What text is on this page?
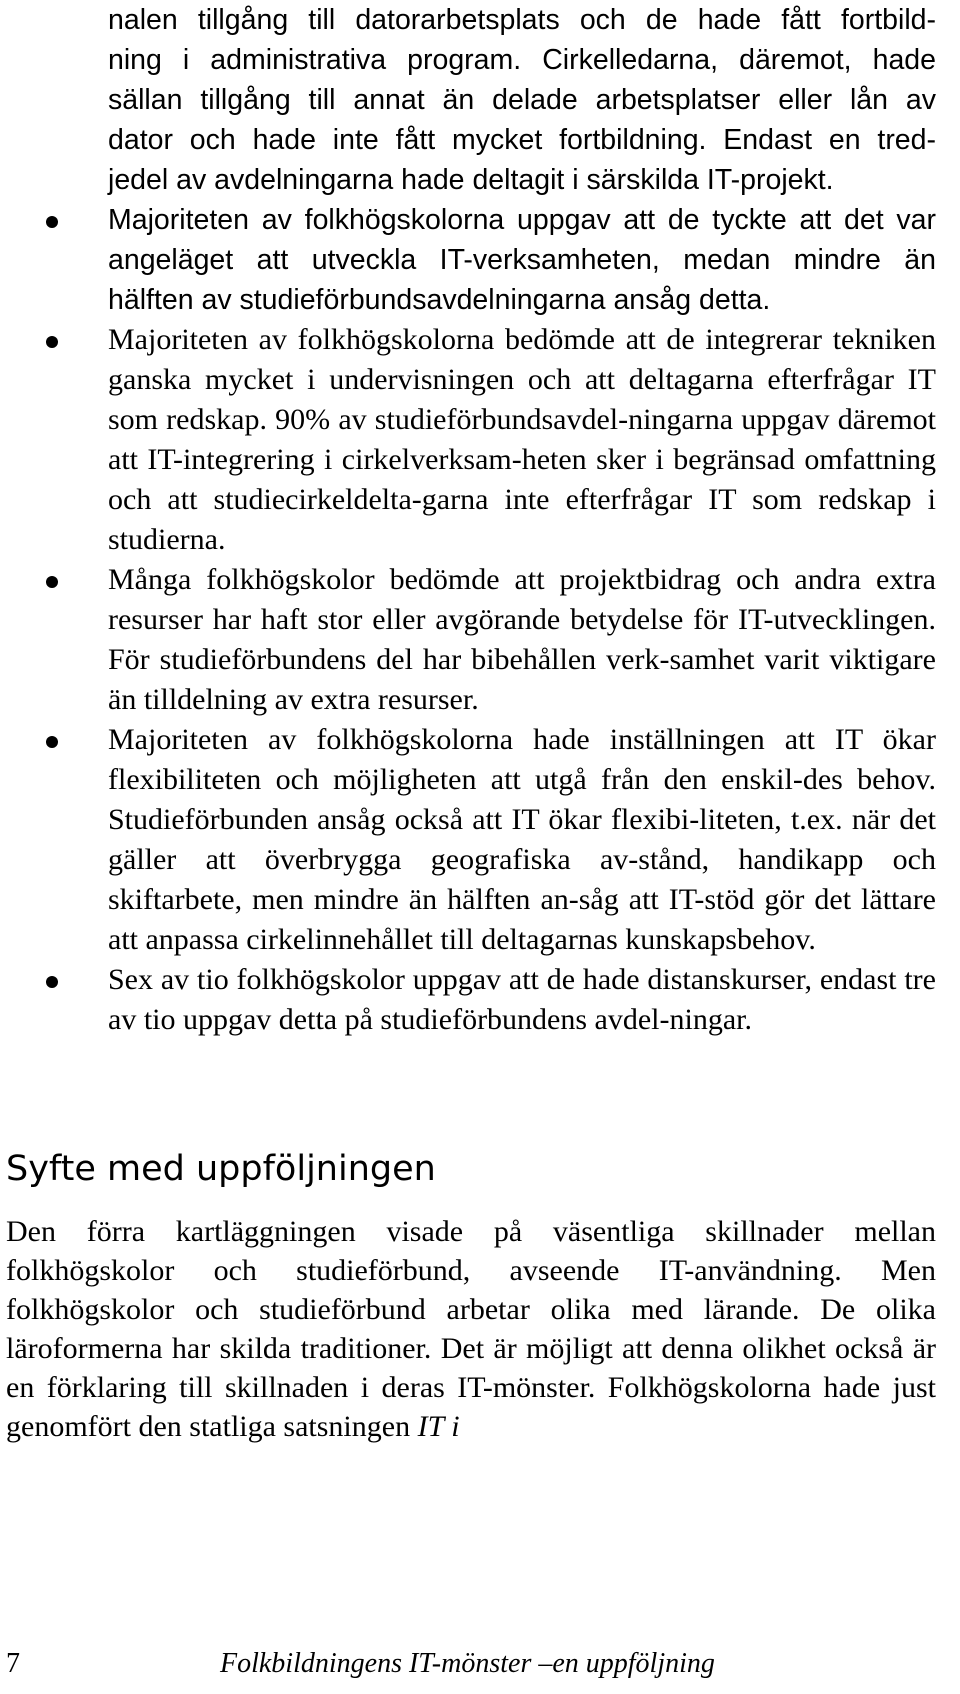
nalen tillgång till datorarbetsplats och de hade fått fortbild-
ning i administrativa program. Cirkelledarna, däremot, hade
sällan tillgång till annat än delade arbetsplatser eller lån av
dator och hade inte fått mycket fortbildning. Endast en tred-
jedel av avdelningarna hade deltagit i särskilda IT-projekt.
Majoriteten av folkhögskolorna uppgav att de tyckte att det var angeläget att utveckla IT-verksamheten, medan mindre än hälften av studieförbundsavdelningarna ansåg detta.
Majoriteten av folkhögskolorna bedömde att de integrerar tekniken ganska mycket i undervisningen och att deltagarna efterfrågar IT som redskap. 90% av studieförbundsavdel-ningarna uppgav däremot att IT-integrering i cirkelverksam-heten sker i begränsad omfattning och att studiecirkeldelta-garna inte efterfrågar IT som redskap i studierna.
Många folkhögskolor bedömde att projektbidrag och andra extra resurser har haft stor eller avgörande betydelse för IT-utvecklingen. För studieförbundens del har bibehållen verk-samhet varit viktigare än tilldelning av extra resurser.
Majoriteten av folkhögskolorna hade inställningen att IT ökar flexibiliteten och möjligheten att utgå från den enskil-des behov. Studieförbunden ansåg också att IT ökar flexibi-liteten, t.ex. när det gäller att överbrygga geografiska av-stånd, handikapp och skiftarbete, men mindre än hälften an-såg att IT-stöd gör det lättare att anpassa cirkelinnehållet till deltagarnas kunskapsbehov.
Sex av tio folkhögskolor uppgav att de hade distanskurser, endast tre av tio uppgav detta på studieförbundens avdel-ningar.
Syfte med uppföljningen

Den förra kartläggningen visade på väsentliga skillnader mellan folkhögskolor och studieförbund, avseende IT-användning. Men folkhögskolor och studieförbund arbetar olika med lärande. De olika läroformerna har skilda traditioner. Det är möjligt att denna olikhet också är en förklaring till skillnaden i deras IT-mönster. Folkhögskolorna hade just genomfört den statliga satsningen IT i

7	Folkbildningens IT-mönster –en uppföljning
